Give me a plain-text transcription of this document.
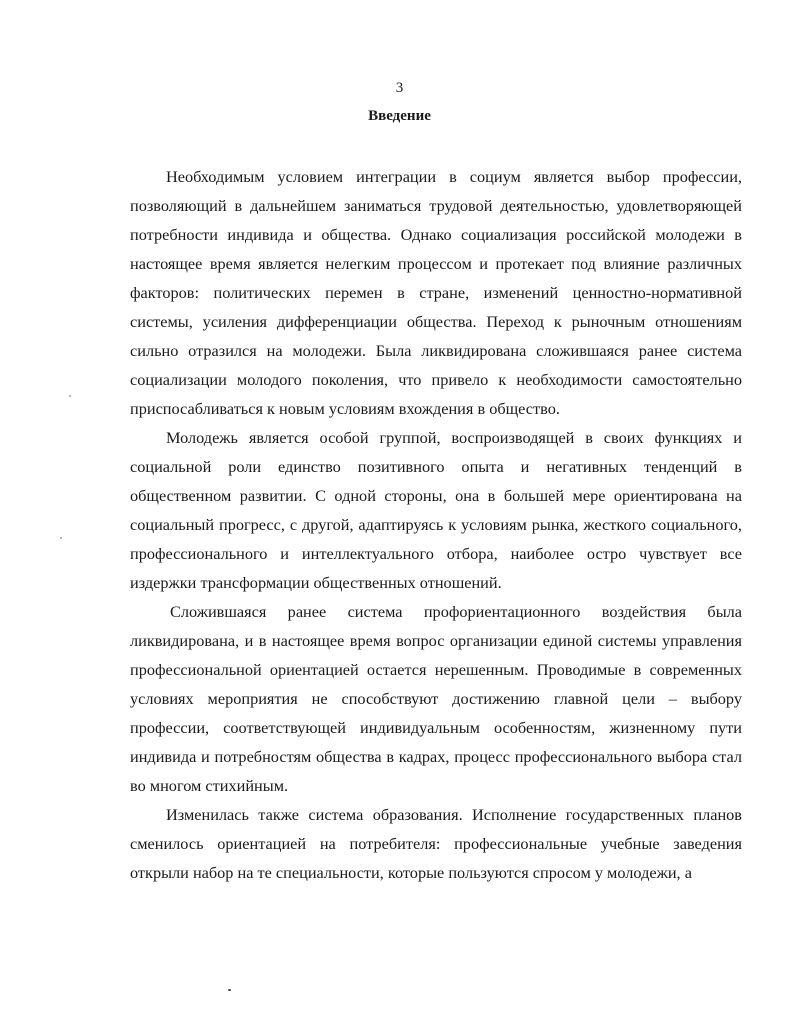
3
Введение

Необходимым условием интеграции в социум является выбор профессии, позволяющий в дальнейшем заниматься трудовой деятельностью, удовлетворяющей потребности индивида и общества. Однако социализация российской молодежи в настоящее время является нелегким процессом и протекает под влияние различных факторов: политических перемен в стране, изменений ценностно-нормативной системы, усиления дифференциации общества. Переход к рыночным отношениям сильно отразился на молодежи. Была ликвидирована сложившаяся ранее система социализации молодого поколения, что привело к необходимости самостоятельно приспосабливаться к новым условиям вхождения в общество.

Молодежь является особой группой, воспроизводящей в своих функциях и социальной роли единство позитивного опыта и негативных тенденций в общественном развитии. С одной стороны, она в большей мере ориентирована на социальный прогресс, с другой, адаптируясь к условиям рынка, жесткого социального, профессионального и интеллектуального отбора, наиболее остро чувствует все издержки трансформации общественных отношений.

Сложившаяся ранее система профориентационного воздействия была ликвидирована, и в настоящее время вопрос организации единой системы управления профессиональной ориентацией остается нерешенным. Проводимые в современных условиях мероприятия не способствуют достижению главной цели – выбору профессии, соответствующей индивидуальным особенностям, жизненному пути индивида и потребностям общества в кадрах, процесс профессионального выбора стал во многом стихийным.

Изменилась также система образования. Исполнение государственных планов сменилось ориентацией на потребителя: профессиональные учебные заведения открыли набор на те специальности, которые пользуются спросом у молодежи, а
